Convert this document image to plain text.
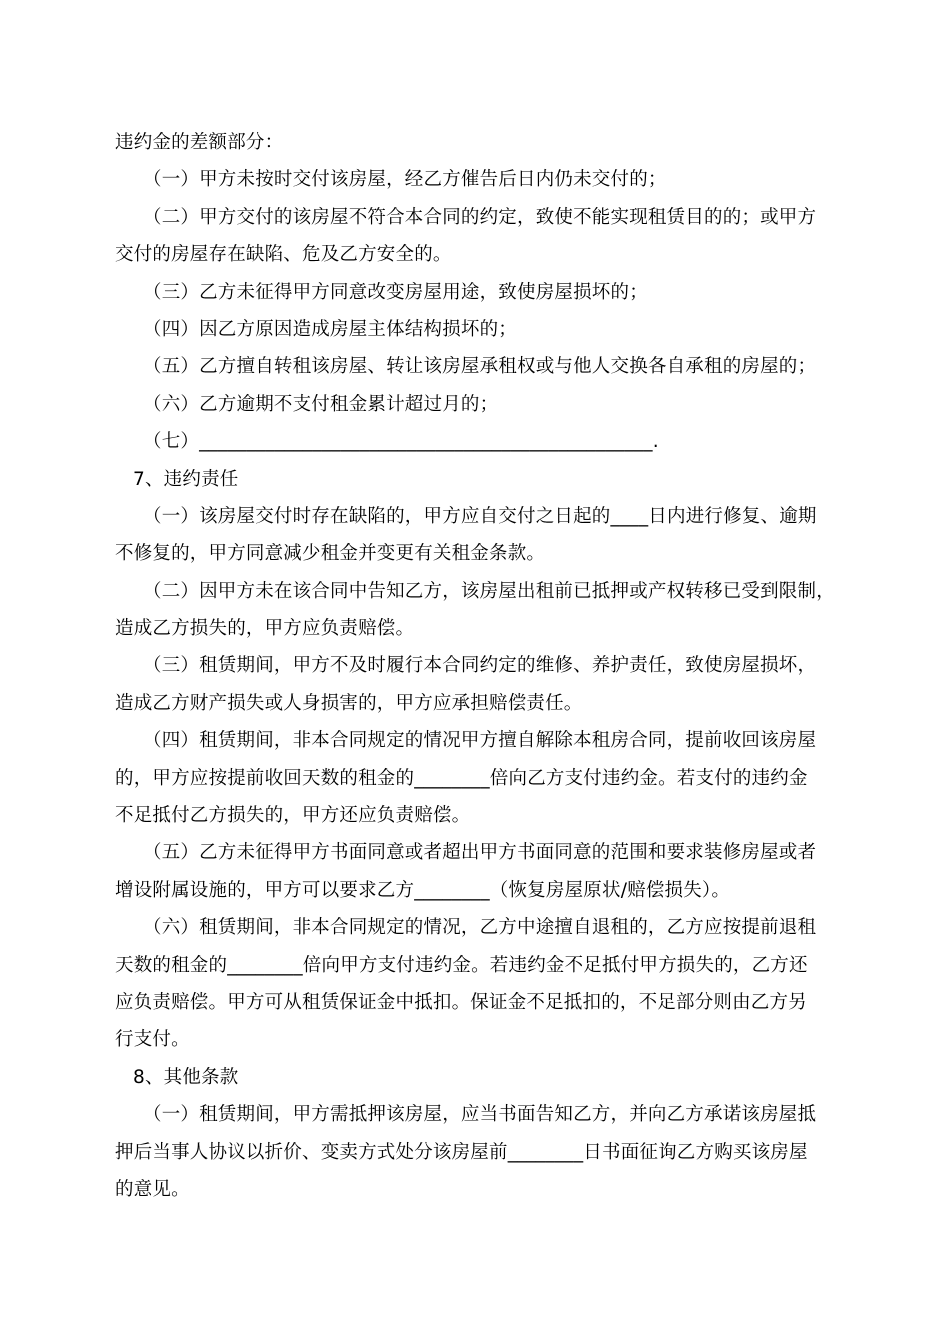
违约金的差额部分：
（一）甲方未按时交付该房屋，经乙方催告后日内仍未交付的；
（二）甲方交付的该房屋不符合本合同的约定，致使不能实现租赁目的的；或甲方
交付的房屋存在缺陷、危及乙方安全的。
（三）乙方未征得甲方同意改变房屋用途，致使房屋损坏的；
（四）因乙方原因造成房屋主体结构损坏的；
（五）乙方擅自转租该房屋、转让该房屋承租权或与他人交换各自承租的房屋的；
（六）乙方逾期不支付租金累计超过月的；
（七）________________________________________________.
7、违约责任
（一）该房屋交付时存在缺陷的，甲方应自交付之日起的____日内进行修复、逾期
不修复的，甲方同意减少租金并变更有关租金条款。
（二）因甲方未在该合同中告知乙方，该房屋出租前已抵押或产权转移已受到限制，
造成乙方损失的，甲方应负责赔偿。
（三）租赁期间，甲方不及时履行本合同约定的维修、养护责任，致使房屋损坏，
造成乙方财产损失或人身损害的，甲方应承担赔偿责任。
（四）租赁期间，非本合同规定的情况甲方擅自解除本租房合同，提前收回该房屋
的，甲方应按提前收回天数的租金的________倍向乙方支付违约金。若支付的违约金
不足抵付乙方损失的，甲方还应负责赔偿。
（五）乙方未征得甲方书面同意或者超出甲方书面同意的范围和要求装修房屋或者
增设附属设施的，甲方可以要求乙方________（恢复房屋原状/赔偿损失）。
（六）租赁期间，非本合同规定的情况，乙方中途擅自退租的，乙方应按提前退租
天数的租金的________倍向甲方支付违约金。若违约金不足抵付甲方损失的，乙方还
应负责赔偿。甲方可从租赁保证金中抵扣。保证金不足抵扣的，不足部分则由乙方另
行支付。
8、其他条款
（一）租赁期间，甲方需抵押该房屋，应当书面告知乙方，并向乙方承诺该房屋抵
押后当事人协议以折价、变卖方式处分该房屋前________日书面征询乙方购买该房屋
的意见。
